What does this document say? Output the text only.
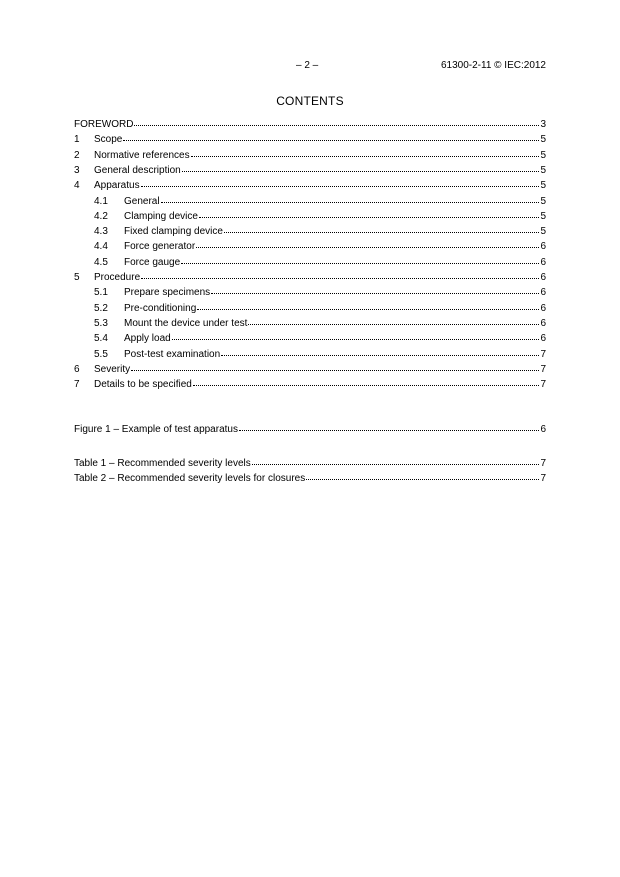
– 2 –	61300-2-11 © IEC:2012
CONTENTS
FOREWORD	3
1	Scope	5
2	Normative references	5
3	General description	5
4	Apparatus	5
4.1	General	5
4.2	Clamping device	5
4.3	Fixed clamping device	5
4.4	Force generator	6
4.5	Force gauge	6
5	Procedure	6
5.1	Prepare specimens	6
5.2	Pre-conditioning	6
5.3	Mount the device under test	6
5.4	Apply load	6
5.5	Post-test examination	7
6	Severity	7
7	Details to be specified	7
Figure 1 – Example of test apparatus	6
Table 1 – Recommended severity levels	7
Table 2 – Recommended severity levels for closures	7
